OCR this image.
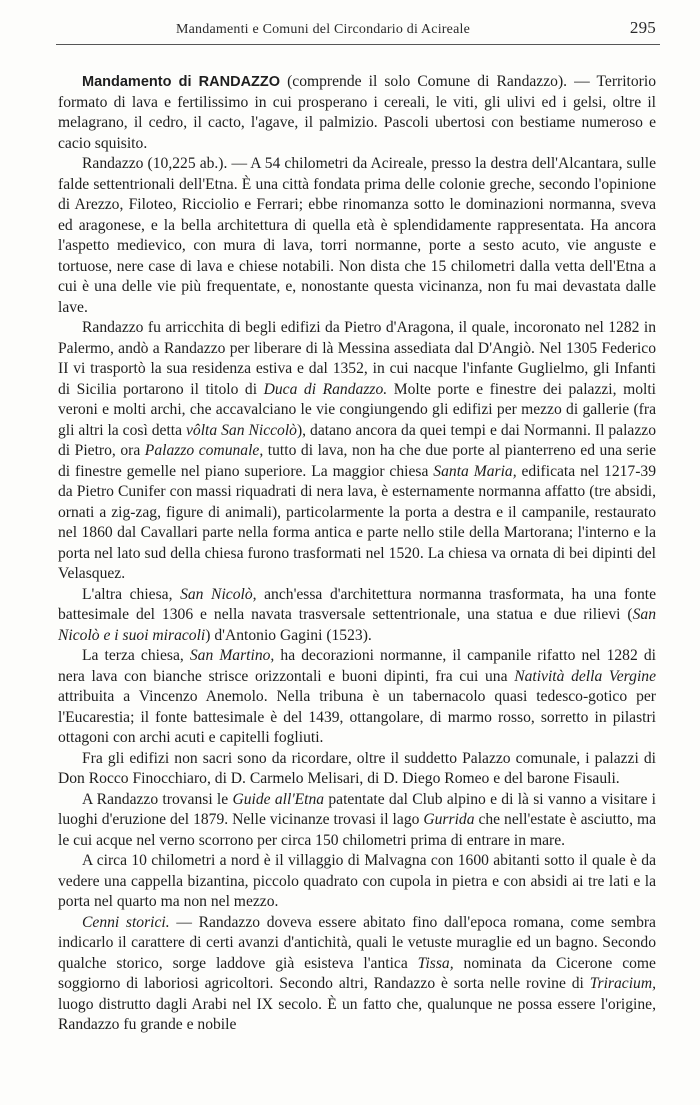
Mandamenti e Comuni del Circondario di Acireale	295

Mandamento di RANDAZZO (comprende il solo Comune di Randazzo). — Territorio formato di lava e fertilissimo in cui prosperano i cereali, le viti, gli ulivi ed i gelsi, oltre il melagrano, il cedro, il cacto, l'agave, il palmizio. Pascoli ubertosi con bestiame numeroso e cacio squisito.

Randazzo (10,225 ab.). — A 54 chilometri da Acireale, presso la destra dell'Alcantara, sulle falde settentrionali dell'Etna. È una città fondata prima delle colonie greche, secondo l'opinione di Arezzo, Filoteo, Ricciolio e Ferrari; ebbe rinomanza sotto le dominazioni normanna, sveva ed aragonese, e la bella architettura di quella età è splendidamente rappresentata. Ha ancora l'aspetto medievico, con mura di lava, torri normanne, porte a sesto acuto, vie anguste e tortuose, nere case di lava e chiese notabili. Non dista che 15 chilometri dalla vetta dell'Etna a cui è una delle vie più frequentate, e, nonostante questa vicinanza, non fu mai devastata dalle lave.

Randazzo fu arricchita di begli edifizi da Pietro d'Aragona, il quale, incoronato nel 1282 in Palermo, andò a Randazzo per liberare di là Messina assediata dal D'Angiò. Nel 1305 Federico II vi trasportò la sua residenza estiva e dal 1352, in cui nacque l'infante Guglielmo, gli Infanti di Sicilia portarono il titolo di Duca di Randazzo. Molte porte e finestre dei palazzi, molti veroni e molti archi, che accavalciano le vie congiungendo gli edifizi per mezzo di gallerie (fra gli altri la così detta vôlta San Niccolò), datano ancora da quei tempi e dai Normanni. Il palazzo di Pietro, ora Palazzo comunale, tutto di lava, non ha che due porte al pianterreno ed una serie di finestre gemelle nel piano superiore. La maggior chiesa Santa Maria, edificata nel 1217-39 da Pietro Cunifer con massi riquadrati di nera lava, è esternamente normanna affatto (tre absidi, ornati a zig-zag, figure di animali), particolarmente la porta a destra e il campanile, restaurato nel 1860 dal Cavallari parte nella forma antica e parte nello stile della Martorana; l'interno e la porta nel lato sud della chiesa furono trasformati nel 1520. La chiesa va ornata di bei dipinti del Velasquez.

L'altra chiesa, San Nicolò, anch'essa d'architettura normanna trasformata, ha una fonte battesimale del 1306 e nella navata trasversale settentrionale, una statua e due rilievi (San Nicolò e i suoi miracoli) d'Antonio Gagini (1523).

La terza chiesa, San Martino, ha decorazioni normanne, il campanile rifatto nel 1282 di nera lava con bianche strisce orizzontali e buoni dipinti, fra cui una Natività della Vergine attribuita a Vincenzo Anemolo. Nella tribuna è un tabernacolo quasi tedesco-gotico per l'Eucarestia; il fonte battesimale è del 1439, ottangolare, di marmo rosso, sorretto in pilastri ottagoni con archi acuti e capitelli fogliuti.

Fra gli edifizi non sacri sono da ricordare, oltre il suddetto Palazzo comunale, i palazzi di Don Rocco Finocchiaro, di D. Carmelo Melisari, di D. Diego Romeo e del barone Fisauli.

A Randazzo trovansi le Guide all'Etna patentate dal Club alpino e di là si vanno a visitare i luoghi d'eruzione del 1879. Nelle vicinanze trovasi il lago Gurrida che nell'estate è asciutto, ma le cui acque nel verno scorrono per circa 150 chilometri prima di entrare in mare.

A circa 10 chilometri a nord è il villaggio di Malvagna con 1600 abitanti sotto il quale è da vedere una cappella bizantina, piccolo quadrato con cupola in pietra e con absidi ai tre lati e la porta nel quarto ma non nel mezzo.

Cenni storici. — Randazzo doveva essere abitato fino dall'epoca romana, come sembra indicarlo il carattere di certi avanzi d'antichità, quali le vetuste muraglie ed un bagno. Secondo qualche storico, sorge laddove già esisteva l'antica Tissa, nominata da Cicerone come soggiorno di laboriosi agricoltori. Secondo altri, Randazzo è sorta nelle rovine di Triracium, luogo distrutto dagli Arabi nel IX secolo. È un fatto che, qualunque ne possa essere l'origine, Randazzo fu grande e nobile
